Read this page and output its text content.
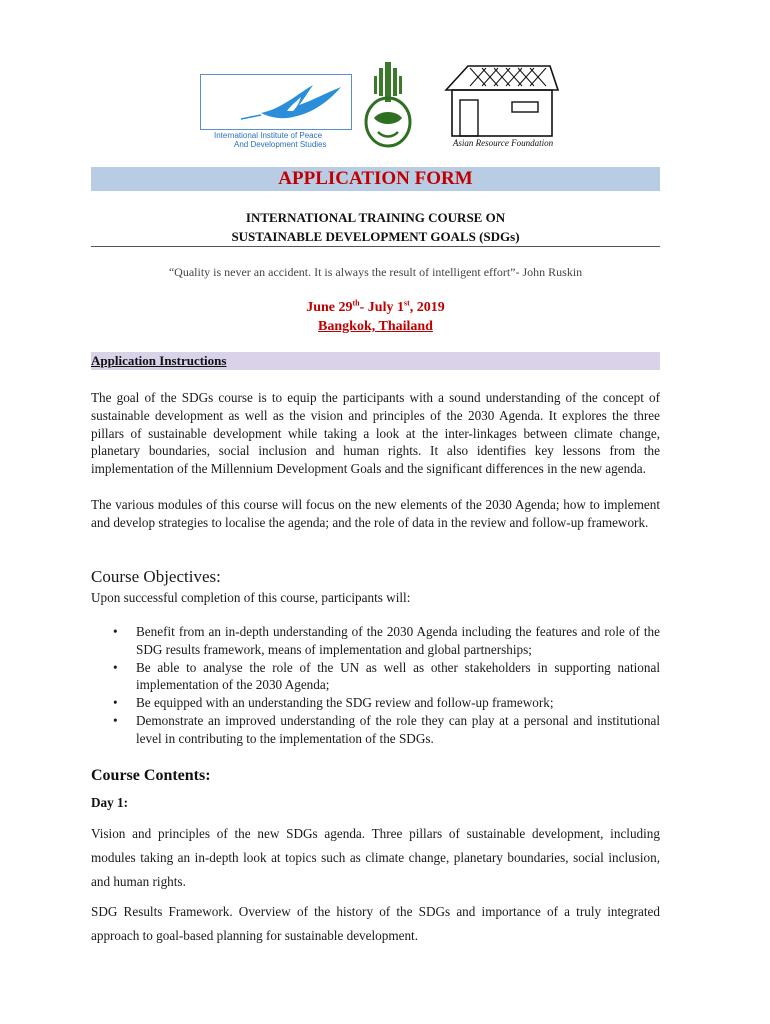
International Institute of Peace
And Development Studies	Asian Resource Foundation
APPLICATION FORM
INTERNATIONAL TRAINING COURSE ON
SUSTAINABLE DEVELOPMENT GOALS (SDGs)
“Quality is never an accident. It is always the result of intelligent effort”- John Ruskin
June 29th- July 1st, 2019
Bangkok, Thailand
Application Instructions
The goal of the SDGs course is to equip the participants with a sound understanding of the concept of sustainable development as well as the vision and principles of the 2030 Agenda. It explores the three pillars of sustainable development while taking a look at the inter-linkages between climate change, planetary boundaries, social inclusion and human rights. It also identifies key lessons from the implementation of the Millennium Development Goals and the significant differences in the new agenda.
The various modules of this course will focus on the new elements of the 2030 Agenda; how to implement and develop strategies to localise the agenda; and the role of data in the review and follow-up framework.
Course Objectives:
Upon successful completion of this course, participants will:
• Benefit from an in-depth understanding of the 2030 Agenda including the features and role of the SDG results framework, means of implementation and global partnerships;
• Be able to analyse the role of the UN as well as other stakeholders in supporting national implementation of the 2030 Agenda;
• Be equipped with an understanding the SDG review and follow-up framework;
• Demonstrate an improved understanding of the role they can play at a personal and institutional level in contributing to the implementation of the SDGs.
Course Contents:
Day 1:
Vision and principles of the new SDGs agenda. Three pillars of sustainable development, including modules taking an in-depth look at topics such as climate change, planetary boundaries, social inclusion, and human rights.
SDG Results Framework. Overview of the history of the SDGs and importance of a truly integrated approach to goal-based planning for sustainable development.
